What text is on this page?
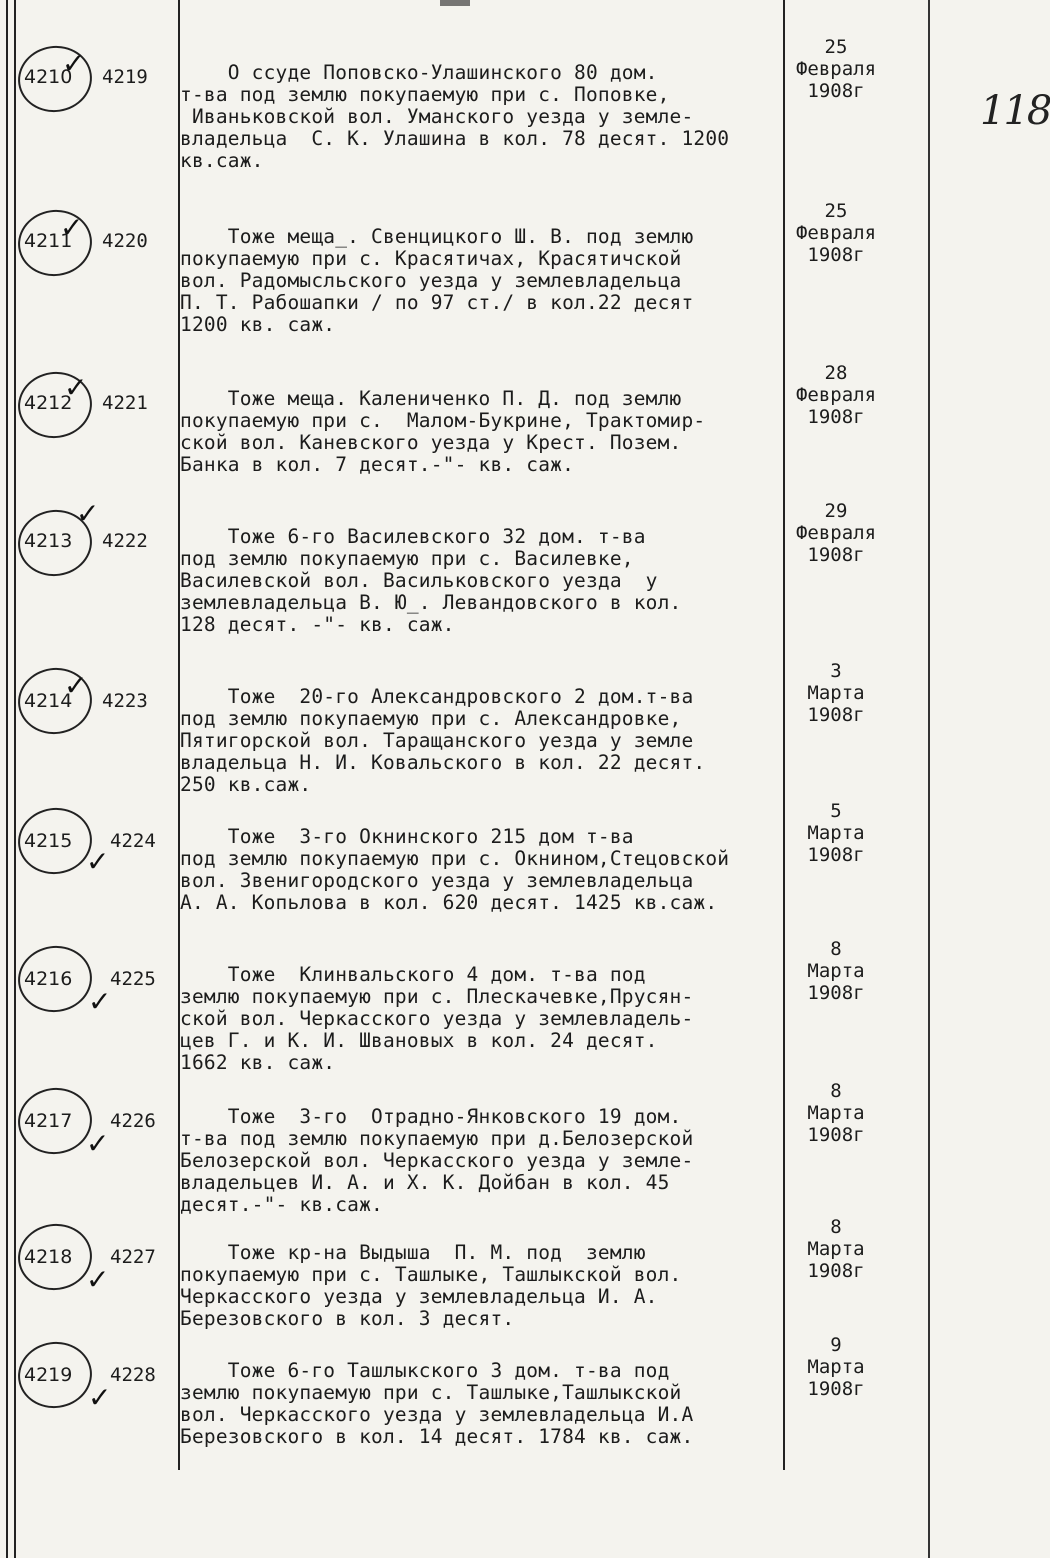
118
4210
✓ 4219 О ссуде Поповско-Улашинского 80 дом.
т-ва под землю покупаемую при с. Поповке,
Иваньковской вол. Уманского уезда у земле-
владельца  С. К. Улашина в кол. 78 десят. 1200
кв.саж.
25
Февраля
1908г
4211
✓ 4220 Тоже меща_. Свенцицкого Ш. В. под землю
покупаемую при с. Красятичах, Красятичской
вол. Радомысльского уезда у землевладельца
П. Т. Рабошапки / по 97 ст./ в кол.22 десят
1200 кв. саж.
25
Февраля
1908г
4212
✓ 4221 Тоже меща. Калениченко П. Д. под землю
покупаемую при с.  Малом-Букрине, Трактомир-
ской вол. Каневского уезда у Крест. Позем.
Банка в кол. 7 десят.-"- кв. саж.
28
Февраля
1908г
4213
✓
4222 Тоже 6-го Василевского 32 дом. т-ва
под землю покупаемую при с. Василевке,
Василевской вол. Васильковского уезда  у
землевладельца В. Ю_. Левандовского в кол.
128 десят. -"- кв. саж.
29
Февраля
1908г
4214
✓ 4223 Тоже  20-го Александровского 2 дом.т-ва
под землю покупаемую при с. Александровке,
Пятигорской вол. Таращанского уезда у земле
владельца Н. И. Ковальского в кол. 22 десят.
250 кв.саж.
3
Марта
1908г
4215
✓
4224 Тоже  3-го Окнинского 215 дом т-ва
под землю покупаемую при с. Окнином,Стецовской
вол. Звенигородского уезда у землевладельца
А. А. Копьлова в кол. 620 десят. 1425 кв.саж.
5
Марта
1908г
4216
✓
4225 Тоже  Клинвальского 4 дом. т-ва под
землю покупаемую при с. Плескачевке,Прусян-
ской вол. Черкасского уезда у землевладель-
цев Г. и К. И. Швановых в кол. 24 десят.
1662 кв. саж.
8
Марта
1908г
4217
✓
4226 Тоже  3-го  Отрадно-Янковского 19 дом.
т-ва под землю покупаемую при д.Белозерской
Белозерской вол. Черкасского уезда у земле-
владельцев И. А. и Х. К. Дойбан в кол. 45
десят.-"- кв.саж.
8
Марта
1908г
4218
✓
4227 Тоже кр-на Выдыша  П. М. под  землю
покупаемую при с. Ташлыке, Ташлыкской вол.
Черкасского уезда у землевладельца И. А.
Березовского в кол. 3 десят.
8
Марта
1908г
4219
✓
4228 Тоже 6-го Ташлыкского 3 дом. т-ва под
землю покупаемую при с. Ташлыке,Ташлыкской
вол. Черкасского уезда у землевладельца И.А
Березовского в кол. 14 десят. 1784 кв. саж.
9
Марта
1908г
